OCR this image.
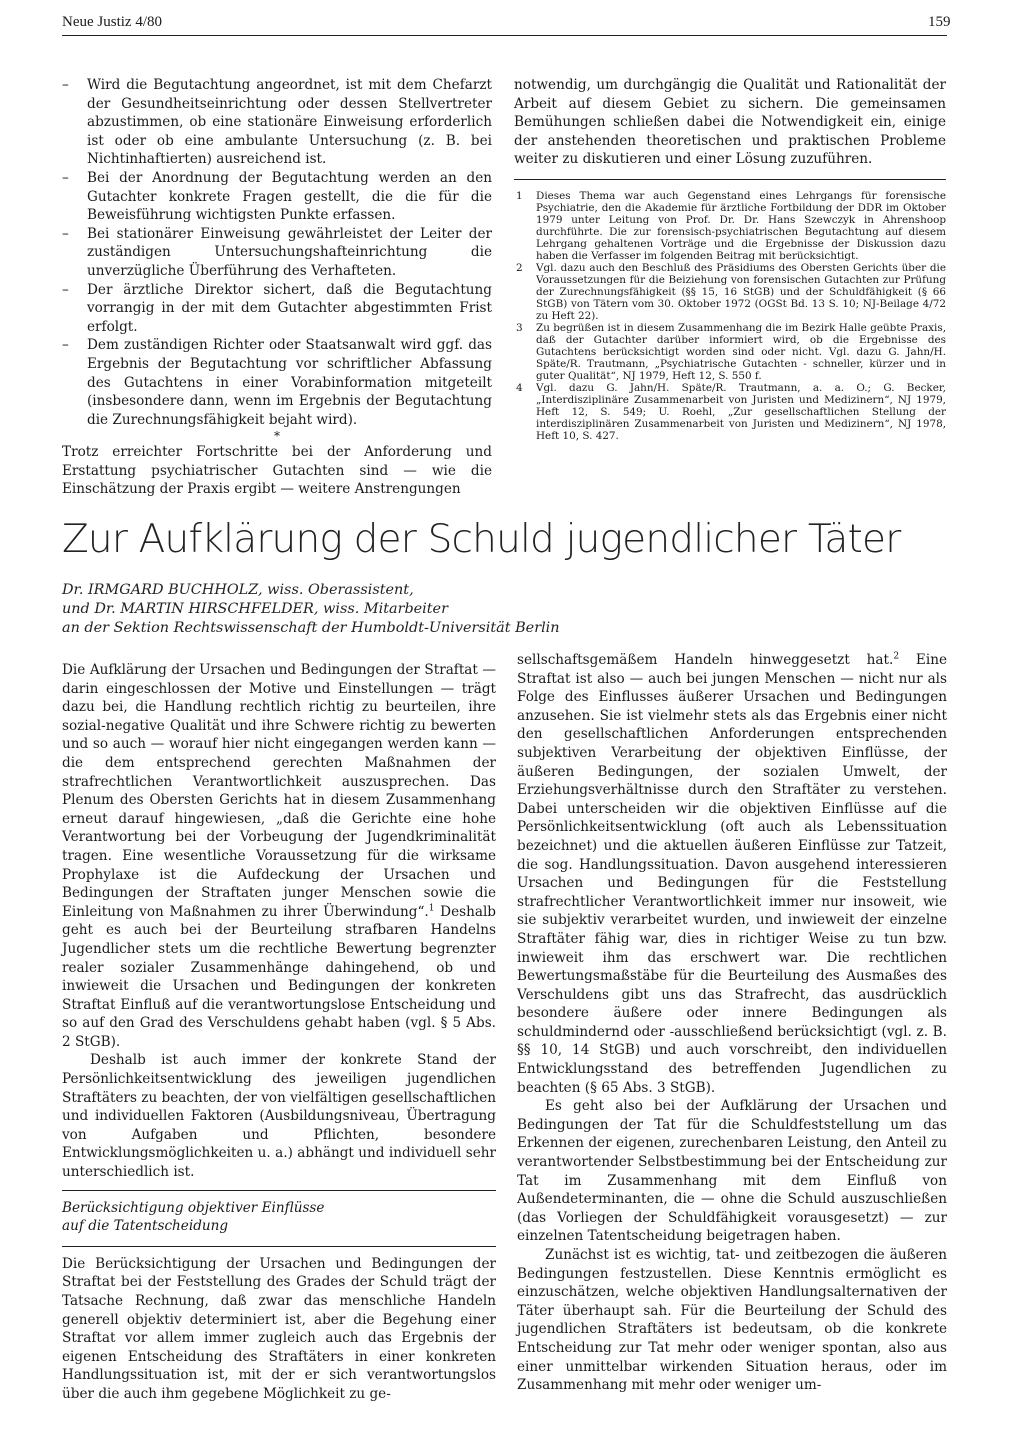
Neue Justiz 4/80	159

– Wird die Begutachtung angeordnet, ist mit dem Chefarzt der Gesundheitseinrichtung oder dessen Stellvertreter abzustimmen, ob eine stationäre Einweisung erforderlich ist oder ob eine ambulante Untersuchung (z. B. bei Nichtinhaftierten) ausreichend ist.

– Bei der Anordnung der Begutachtung werden an den Gutachter konkrete Fragen gestellt, die die für die Beweisführung wichtigsten Punkte erfassen.

– Bei stationärer Einweisung gewährleistet der Leiter der zuständigen Untersuchungshafteinrichtung die unverzügliche Überführung des Verhafteten.

– Der ärztliche Direktor sichert, daß die Begutachtung vorrangig in der mit dem Gutachter abgestimmten Frist erfolgt.

– Dem zuständigen Richter oder Staatsanwalt wird ggf. das Ergebnis der Begutachtung vor schriftlicher Abfassung des Gutachtens in einer Vorabinformation mitgeteilt (insbesondere dann, wenn im Ergebnis der Begutachtung die Zurechnungsfähigkeit bejaht wird).

*

Trotz erreichter Fortschritte bei der Anforderung und Erstattung psychiatrischer Gutachten sind — wie die Einschätzung der Praxis ergibt — weitere Anstrengungen

notwendig, um durchgängig die Qualität und Rationalität der Arbeit auf diesem Gebiet zu sichern. Die gemeinsamen Bemühungen schließen dabei die Notwendigkeit ein, einige der anstehenden theoretischen und praktischen Probleme weiter zu diskutieren und einer Lösung zuzuführen.

1 Dieses Thema war auch Gegenstand eines Lehrgangs für forensische Psychiatrie, den die Akademie für ärztliche Fortbildung der DDR im Oktober 1979 unter Leitung von Prof. Dr. Dr. Hans Szewczyk in Ahrenshoop durchführte. Die zur forensisch-psychiatrischen Begutachtung auf diesem Lehrgang gehaltenen Vorträge und die Ergebnisse der Diskussion dazu haben die Verfasser im folgenden Beitrag mit berücksichtigt.

2 Vgl. dazu auch den Beschluß des Präsidiums des Obersten Gerichts über die Voraussetzungen für die Beiziehung von forensischen Gutachten zur Prüfung der Zurechnungsfähigkeit (§§ 15, 16 StGB) und der Schuldfähigkeit (§ 66 StGB) von Tätern vom 30. Oktober 1972 (OGSt Bd. 13 S. 10; NJ-Beilage 4/72 zu Heft 22).

3 Zu begrüßen ist in diesem Zusammenhang die im Bezirk Halle geübte Praxis, daß der Gutachter darüber informiert wird, ob die Ergebnisse des Gutachtens berücksichtigt worden sind oder nicht. Vgl. dazu G. Jahn/H. Späte/R. Trautmann, „Psychiatrische Gutachten - schneller, kürzer und in guter Qualität“, NJ 1979, Heft 12, S. 550 f.

4 Vgl. dazu G. Jahn/H. Späte/R. Trautmann, a. a. O.; G. Becker, „Interdisziplinäre Zusammenarbeit von Juristen und Medizinern“, NJ 1979, Heft 12, S. 549; U. Roehl, „Zur gesellschaftlichen Stellung der interdisziplinären Zusammenarbeit von Juristen und Medizinern“, NJ 1978, Heft 10, S. 427.

Zur Aufklärung der Schuld jugendlicher Täter
Dr. IRMGARD BUCHHOLZ, wiss. Oberassistent,
und Dr. MARTIN HIRSCHFELDER, wiss. Mitarbeiter
an der Sektion Rechtswissenschaft der Humboldt-Universität Berlin

Die Aufklärung der Ursachen und Bedingungen der Straftat — darin eingeschlossen der Motive und Einstellungen — trägt dazu bei, die Handlung rechtlich richtig zu beurteilen, ihre sozial-negative Qualität und ihre Schwere richtig zu bewerten und so auch — worauf hier nicht eingegangen werden kann — die dem entsprechend gerechten Maßnahmen der strafrechtlichen Verantwortlichkeit auszusprechen. Das Plenum des Obersten Gerichts hat in diesem Zusammenhang erneut darauf hingewiesen, „daß die Gerichte eine hohe Verantwortung bei der Vorbeugung der Jugendkriminalität tragen. Eine wesentliche Voraussetzung für die wirksame Prophylaxe ist die Aufdeckung der Ursachen und Bedingungen der Straftaten junger Menschen sowie die Einleitung von Maßnahmen zu ihrer Überwindung“.$^1$ Deshalb geht es auch bei der Beurteilung strafbaren Handelns Jugendlicher stets um die rechtliche Bewertung begrenzter realer sozialer Zusammenhänge dahingehend, ob und inwieweit die Ursachen und Bedingungen der konkreten Straftat Einfluß auf die verantwortungslose Entscheidung und so auf den Grad des Verschuldens gehabt haben (vgl. § 5 Abs. 2 StGB).

Deshalb ist auch immer der konkrete Stand der Persönlichkeitsentwicklung des jeweiligen jugendlichen Straftäters zu beachten, der von vielfältigen gesellschaftlichen und individuellen Faktoren (Ausbildungsniveau, Übertragung von Aufgaben und Pflichten, besondere Entwicklungsmöglichkeiten u. a.) abhängt und individuell sehr unterschiedlich ist.

Berücksichtigung objektiver Einflüsse
auf die Tatentscheidung

Die Berücksichtigung der Ursachen und Bedingungen der Straftat bei der Feststellung des Grades der Schuld trägt der Tatsache Rechnung, daß zwar das menschliche Handeln generell objektiv determiniert ist, aber die Begehung einer Straftat vor allem immer zugleich auch das Ergebnis der eigenen Entscheidung des Straftäters in einer konkreten Handlungssituation ist, mit der er sich verantwortungslos über die auch ihm gegebene Möglichkeit zu ge-

sellschaftsgemäßem Handeln hinweggesetzt hat.$^2$ Eine Straftat ist also — auch bei jungen Menschen — nicht nur als Folge des Einflusses äußerer Ursachen und Bedingungen anzusehen. Sie ist vielmehr stets als das Ergebnis einer nicht den gesellschaftlichen Anforderungen entsprechenden subjektiven Verarbeitung der objektiven Einflüsse, der äußeren Bedingungen, der sozialen Umwelt, der Erziehungsverhältnisse durch den Straftäter zu verstehen. Dabei unterscheiden wir die objektiven Einflüsse auf die Persönlichkeitsentwicklung (oft auch als Lebenssituation bezeichnet) und die aktuellen äußeren Einflüsse zur Tatzeit, die sog. Handlungssituation. Davon ausgehend interessieren Ursachen und Bedingungen für die Feststellung strafrechtlicher Verantwortlichkeit immer nur insoweit, wie sie subjektiv verarbeitet wurden, und inwieweit der einzelne Straftäter fähig war, dies in richtiger Weise zu tun bzw. inwieweit ihm das erschwert war. Die rechtlichen Bewertungsmaßstäbe für die Beurteilung des Ausmaßes des Verschuldens gibt uns das Strafrecht, das ausdrücklich besondere äußere oder innere Bedingungen als schuldmindernd oder -ausschließend berücksichtigt (vgl. z. B. §§ 10, 14 StGB) und auch vorschreibt, den individuellen Entwicklungsstand des betreffenden Jugendlichen zu beachten (§ 65 Abs. 3 StGB).

Es geht also bei der Aufklärung der Ursachen und Bedingungen der Tat für die Schuldfeststellung um das Erkennen der eigenen, zurechenbaren Leistung, den Anteil zu verantwortender Selbstbestimmung bei der Entscheidung zur Tat im Zusammenhang mit dem Einfluß von Außendeterminanten, die — ohne die Schuld auszuschließen (das Vorliegen der Schuldfähigkeit vorausgesetzt) — zur einzelnen Tatentscheidung beigetragen haben.

Zunächst ist es wichtig, tat- und zeitbezogen die äußeren Bedingungen festzustellen. Diese Kenntnis ermöglicht es einzuschätzen, welche objektiven Handlungsalternativen der Täter überhaupt sah. Für die Beurteilung der Schuld des jugendlichen Straftäters ist bedeutsam, ob die konkrete Entscheidung zur Tat mehr oder weniger spontan, also aus einer unmittelbar wirkenden Situation heraus, oder im Zusammenhang mit mehr oder weniger um-
